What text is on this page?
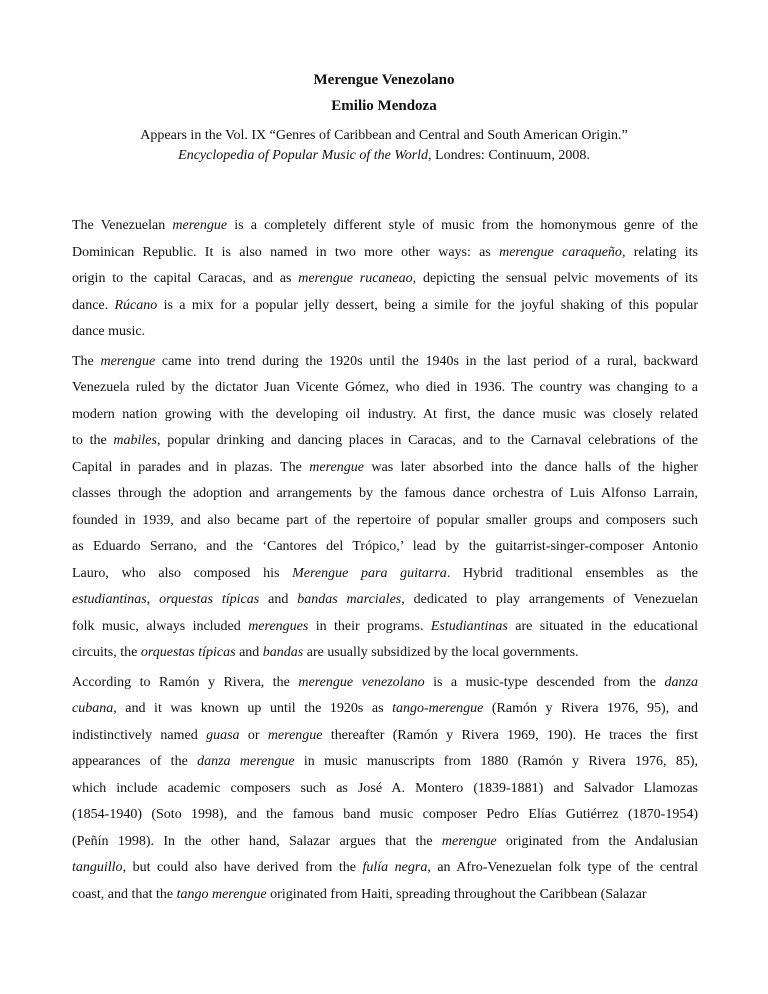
Merengue Venezolano

Emilio Mendoza

Appears in the Vol. IX “Genres of Caribbean and Central and South American Origin.”

Encyclopedia of Popular Music of the World, Londres: Continuum, 2008.

The Venezuelan merengue is a completely different style of music from the homonymous genre of the
Dominican Republic. It is also named in two more other ways: as merengue caraqueño, relating its
origin to the capital Caracas, and as merengue rucaneao, depicting the sensual pelvic movements of its
dance. Rúcano is a mix for a popular jelly dessert, being a simile for the joyful shaking of this popular
dance music.
The merengue came into trend during the 1920s until the 1940s in the last period of a rural, backward
Venezuela ruled by the dictator Juan Vicente Gómez, who died in 1936. The country was changing to a
modern nation growing with the developing oil industry. At first, the dance music was closely related
to the mabiles, popular drinking and dancing places in Caracas, and to the Carnaval celebrations of the
Capital in parades and in plazas. The merengue was later absorbed into the dance halls of the higher
classes through the adoption and arrangements by the famous dance orchestra of Luis Alfonso Larrain,
founded in 1939, and also became part of the repertoire of popular smaller groups and composers such
as Eduardo Serrano, and the ‘Cantores del Trópico,’ lead by the guitarrist-singer-composer Antonio
Lauro, who also composed his Merengue para guitarra. Hybrid traditional ensembles as the
estudiantinas, orquestas típicas and bandas marciales, dedicated to play arrangements of Venezuelan
folk music, always included merengues in their programs. Estudiantinas are situated in the educational
circuits, the orquestas típicas and bandas are usually subsidized by the local governments.
According to Ramón y Rivera, the merengue venezolano is a music-type descended from the danza
cubana, and it was known up until the 1920s as tango-merengue (Ramón y Rivera 1976, 95), and
indistinctively named guasa or merengue thereafter (Ramón y Rivera 1969, 190). He traces the first
appearances of the danza merengue in music manuscripts from 1880 (Ramón y Rivera 1976, 85),
which include academic composers such as José A. Montero (1839-1881) and Salvador Llamozas
(1854-1940) (Soto 1998), and the famous band music composer Pedro Elías Gutiérrez (1870-1954)
(Peñín 1998). In the other hand, Salazar argues that the merengue originated from the Andalusian
tanguillo, but could also have derived from the fulía negra, an Afro-Venezuelan folk type of the central
coast, and that the tango merengue originated from Haiti, spreading throughout the Caribbean (Salazar
